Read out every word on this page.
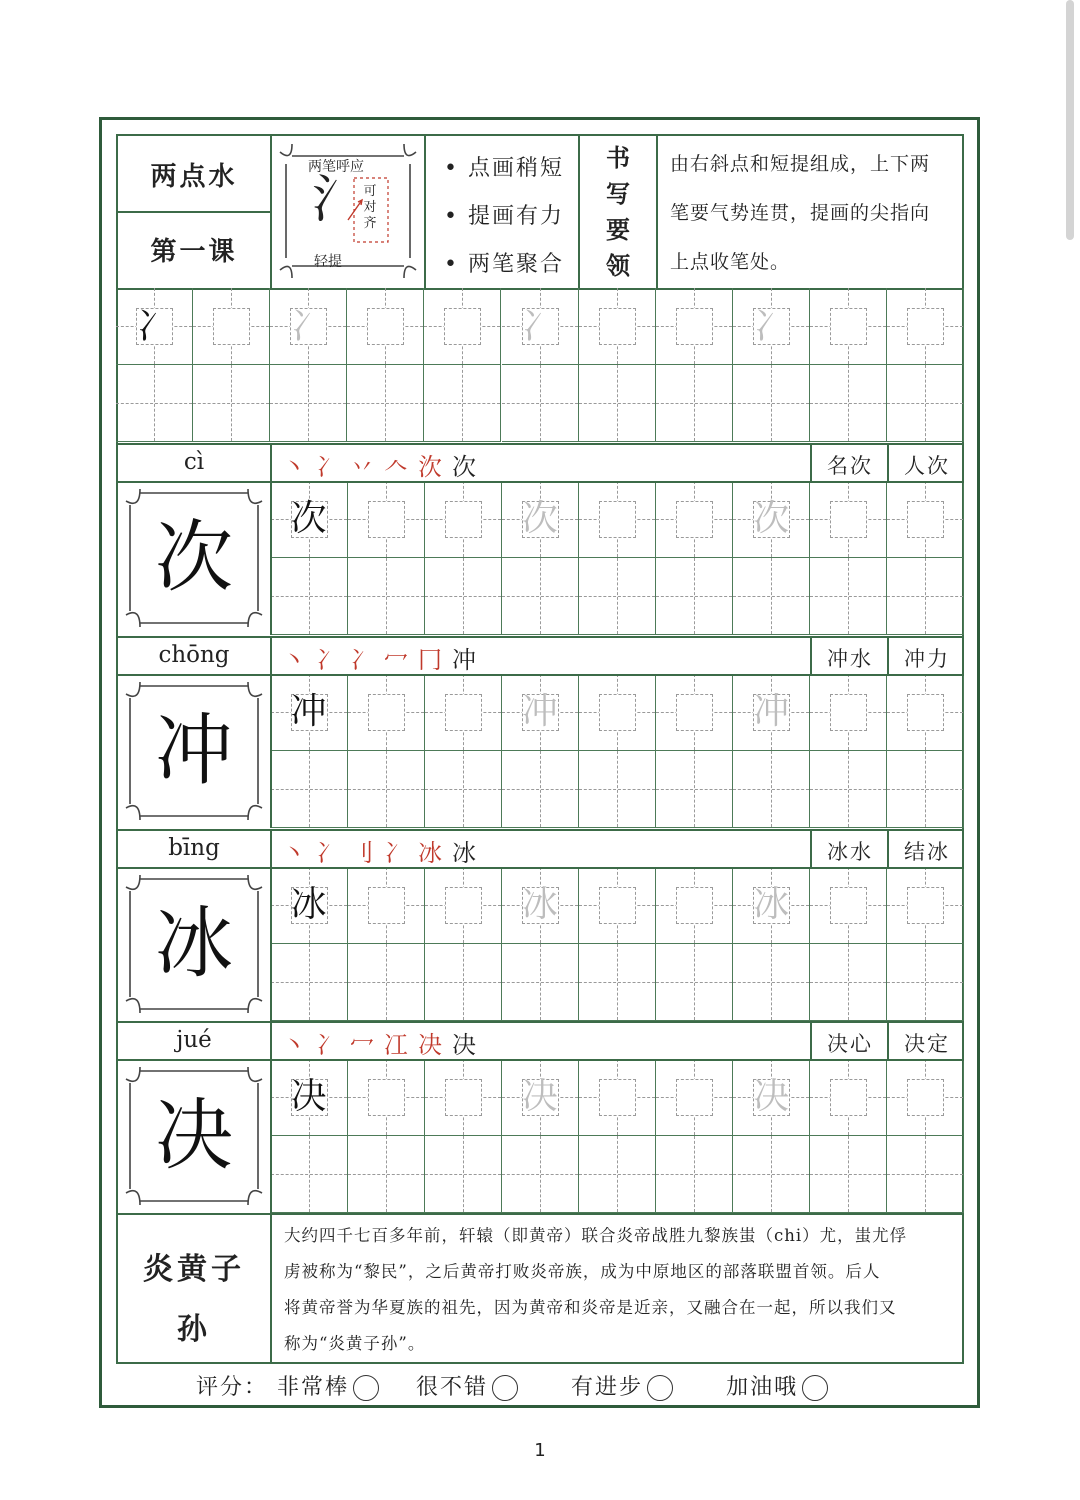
两点水
第一课
两笔呼应
氵 可对齐
轻提
• 点画稍短
• 提画有力
• 两笔聚合
书写要领
由右斜点和短提组成，上下两
笔要气势连贯，提画的尖指向
上点收笔处。
冫	冫	冫	冫
cì	丶冫丷𠆢㳄次	名次	人次
次	次	次	次
chōng	丶冫冫冖冂冲	冲水	冲力
冲	冲	冲	冲
bīng	丶冫刂冫冰冰	冰水	结冰
冰	冰	冰	冰
jué	丶冫冖冮决决	决心	决定
决	决	决	决
炎黄子
孙
大约四千七百多年前，轩辕（即黄帝）联合炎帝战胜九黎族蚩（chi）尤，蚩尤俘
虏被称为“黎民”，之后黄帝打败炎帝族，成为中原地区的部落联盟首领。后人
将黄帝誉为华夏族的祖先，因为黄帝和炎帝是近亲，又融合在一起，所以我们又
称为“炎黄子孙”。
评分： 非常棒	很不错	有进步	加油哦
1
